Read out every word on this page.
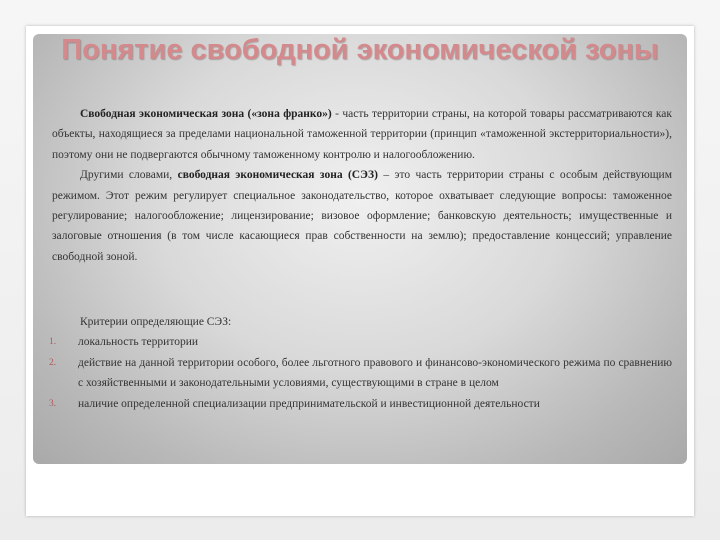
Понятие свободной экономической зоны

Свободная экономическая зона («зона франко») - часть территории страны, на которой товары рассматриваются как объекты, находящиеся за пределами национальной таможенной территории (принцип «таможенной экстерриториальности»), поэтому они не подвергаются обычному таможенному контролю и налогообложению.

Другими словами, свободная экономическая зона (СЭЗ) – это часть территории страны с особым действующим режимом. Этот режим регулирует специальное законодательство, которое охватывает следующие вопросы: таможенное регулирование; налогообложение; лицензирование; визовое оформление; банковскую деятельность; имущественные и залоговые отношения (в том числе касающиеся прав собственности на землю); предоставление концессий; управление свободной зоной.

Критерии определяющие СЭЗ:

1. локальность территории
2. действие на данной территории особого, более льготного правового и финансово-экономического режима по сравнению с хозяйственными и законодательными условиями, существующими в стране в целом
3. наличие определенной специализации предпринимательской и инвестиционной деятельности
